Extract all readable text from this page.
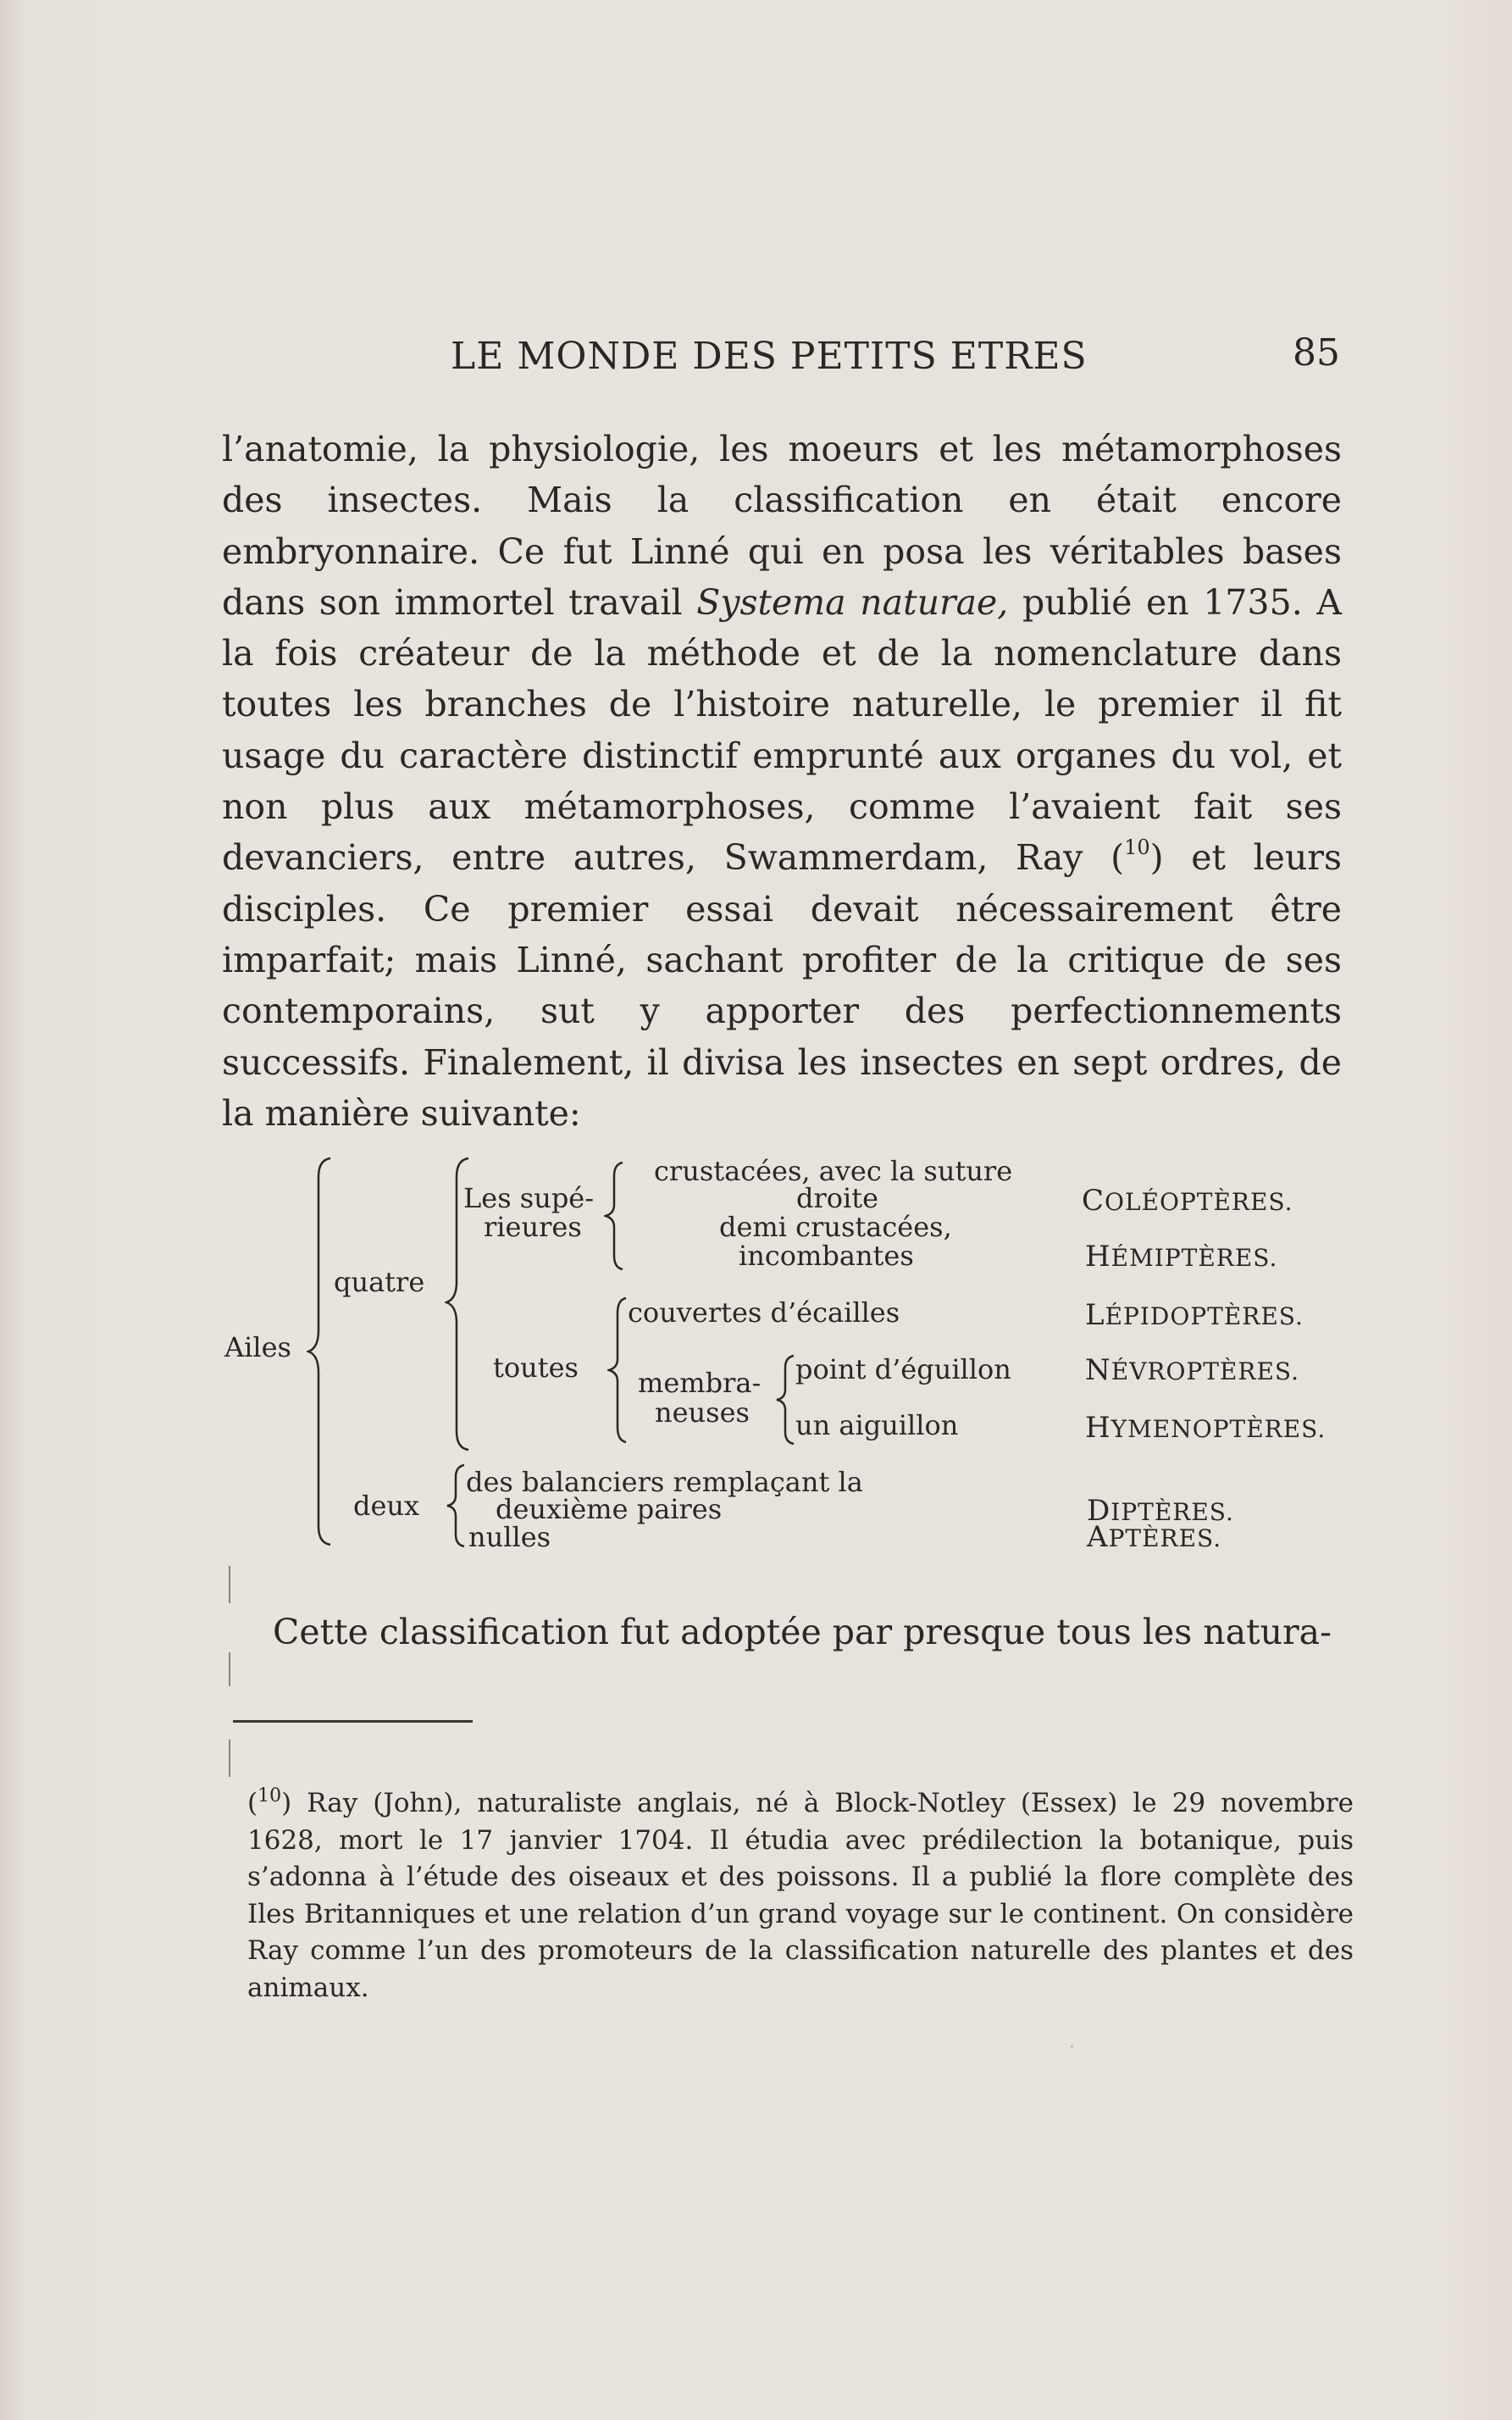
LE MONDE DES PETITS ETRES	85

l’anatomie, la physiologie, les moeurs et les métamorphoses des insectes. Mais la classification en était encore embryonnaire. Ce fut Linné qui en posa les véritables bases dans son immortel travail Systema naturae, publié en 1735. A la fois créateur de la méthode et de la nomenclature dans toutes les branches de l’histoire naturelle, le premier il fit usage du caractère distinctif emprunté aux organes du vol, et non plus aux métamorphoses, comme l’avaient fait ses devanciers, entre autres, Swammerdam, Ray ($^{10}$) et leurs disciples. Ce premier essai devait nécessairement être imparfait; mais Linné, sachant profiter de la critique de ses contemporains, sut y apporter des perfectionnements successifs. Finalement, il divisa les insectes en sept ordres, de la manière suivante:

Ailes
quatre
deux
Les supé-
rieures
crustacées, avec la suture
droite
demi crustacées,
incombantes
toutes
couvertes d’écailles
membra-
neuses
point d’éguillon
un aiguillon
des balanciers remplaçant la
deuxième paires
nulles
COLÉOPTÈRES.
HÉMIPTÈRES.
LÉPIDOPTÈRES.
NÉVROPTÈRES.
HYMENOPTÈRES.
DIPTÈRES.
APTÈRES.
Cette classification fut adoptée par presque tous les natura-
($^{10}$) Ray (John), naturaliste anglais, né à Block-Notley (Essex) le 29 novembre 1628, mort le 17 janvier 1704. Il étudia avec prédilection la botanique, puis s’adonna à l’étude des oiseaux et des poissons. Il a publié la flore complète des Iles Britanniques et une relation d’un grand voyage sur le continent. On considère Ray comme l’un des promoteurs de la classification naturelle des plantes et des animaux.
·
